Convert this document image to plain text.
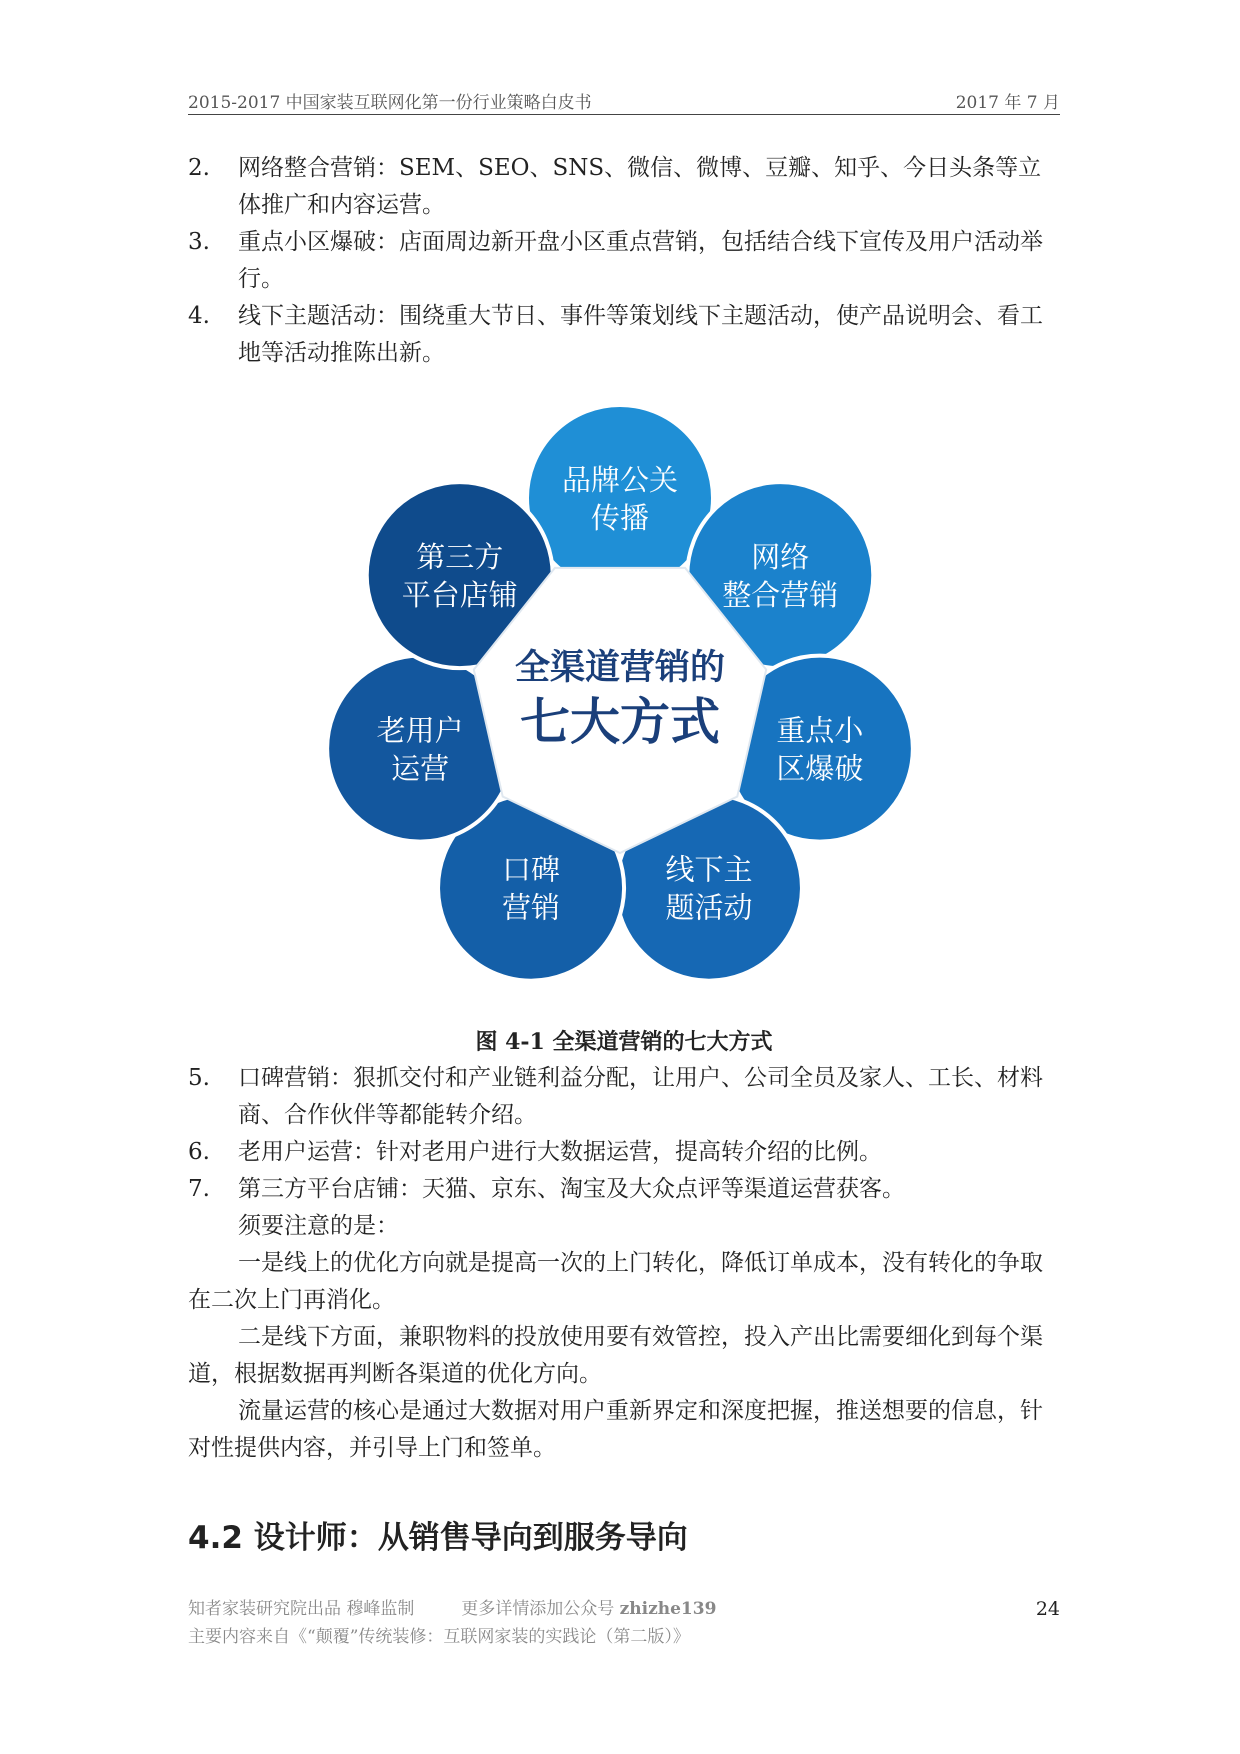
2015-2017 中国家装互联网化第一份行业策略白皮书	2017 年 7 月
2. 网络整合营销：SEM、SEO、SNS、微信、微博、豆瓣、知乎、今日头条等立体推广和内容运营。
3. 重点小区爆破：店面周边新开盘小区重点营销，包括结合线下宣传及用户活动举行。
4. 线下主题活动：围绕重大节日、事件等策划线下主题活动，使产品说明会、看工地等活动推陈出新。
品牌公关
传播
网络
整合营销
重点小
区爆破
线下主
题活动
口碑
营销
老用户
运营
第三方
平台店铺
全渠道营销的
七大方式
图 4-1 全渠道营销的七大方式
5. 口碑营销：狠抓交付和产业链利益分配，让用户、公司全员及家人、工长、材料商、合作伙伴等都能转介绍。
6. 老用户运营：针对老用户进行大数据运营，提高转介绍的比例。
7. 第三方平台店铺：天猫、京东、淘宝及大众点评等渠道运营获客。
须要注意的是：
一是线上的优化方向就是提高一次的上门转化，降低订单成本，没有转化的争取在二次上门再消化。
二是线下方面，兼职物料的投放使用要有效管控，投入产出比需要细化到每个渠道，根据数据再判断各渠道的优化方向。
流量运营的核心是通过大数据对用户重新界定和深度把握，推送想要的信息，针对性提供内容，并引导上门和签单。
4.2 设计师：从销售导向到服务导向
知者家装研究院出品 穆峰监制	更多详情添加公众号 zhizhe139
主要内容来自《“颠覆”传统装修：互联网家装的实践论（第二版）》
24
